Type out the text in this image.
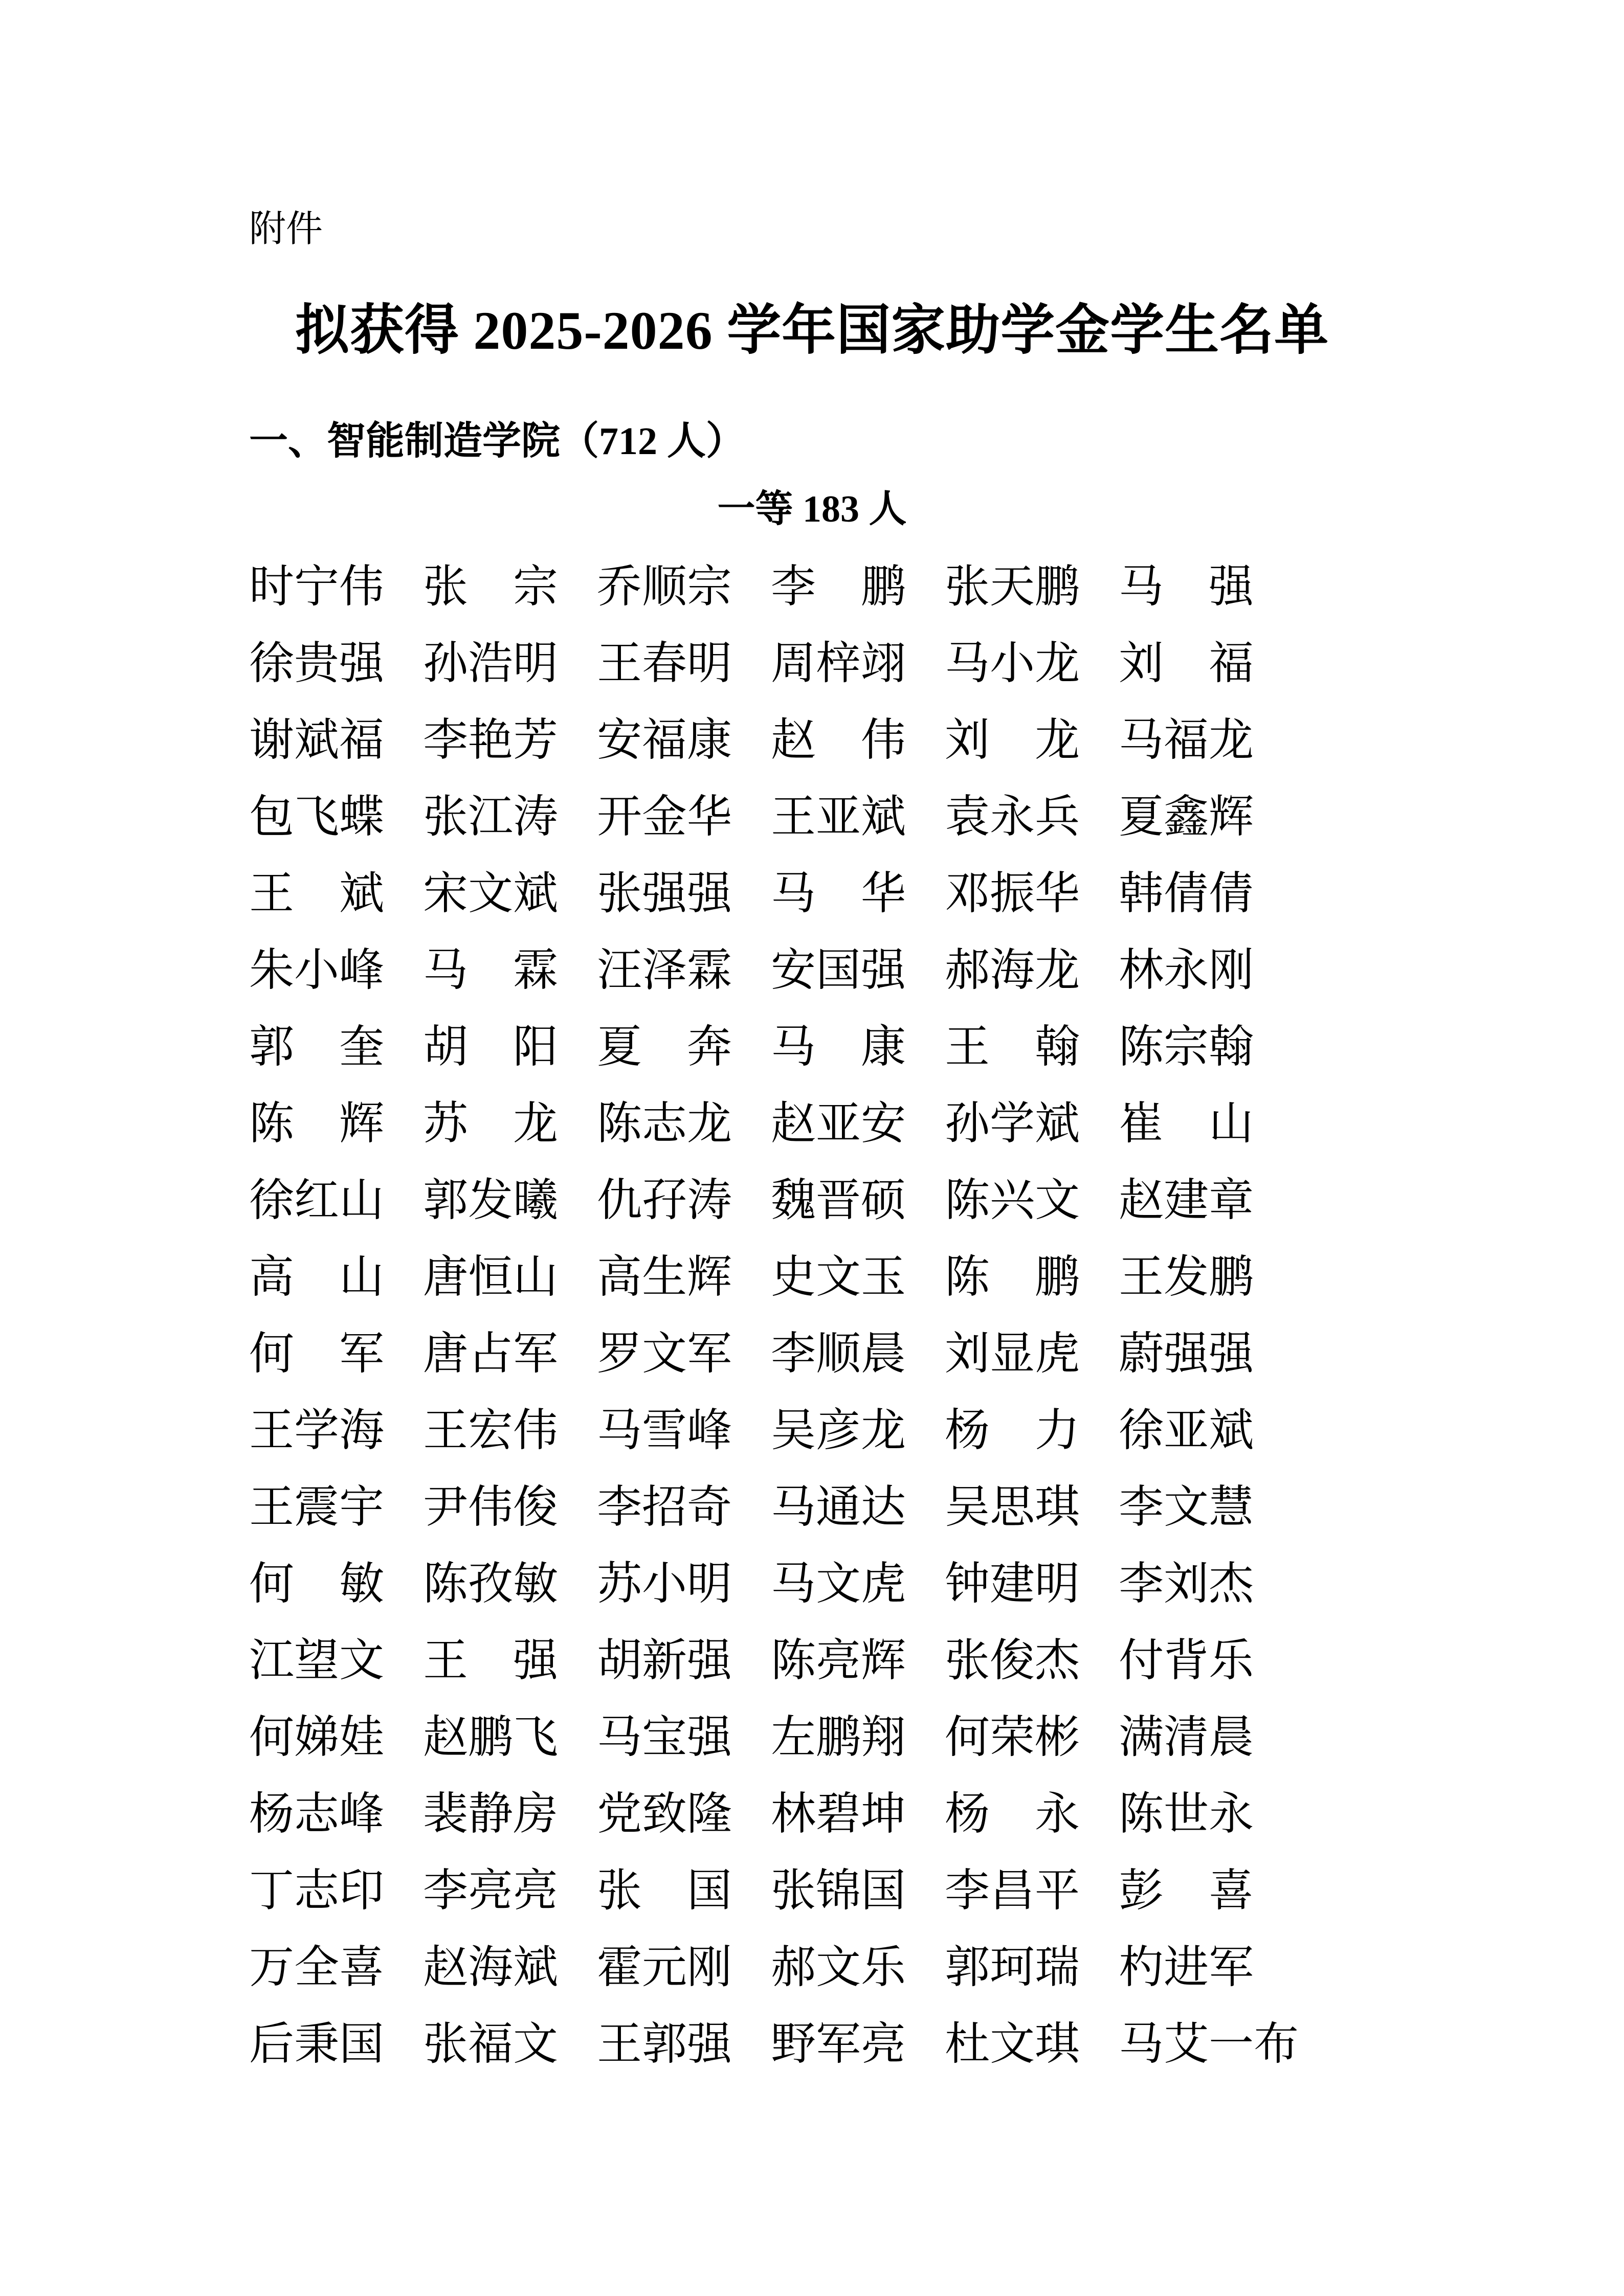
附件
拟获得 2025-2026 学年国家助学金学生名单
一、智能制造学院（712 人）
一等 183 人
时宁伟 张宗 乔顺宗 李鹏 张天鹏 马强
徐贵强 孙浩明 王春明 周梓翊 马小龙 刘福
谢斌福 李艳芳 安福康 赵伟 刘龙 马福龙
包飞蝶 张江涛 开金华 王亚斌 袁永兵 夏鑫辉
王斌 宋文斌 张强强 马华 邓振华 韩倩倩
朱小峰 马霖 汪泽霖 安国强 郝海龙 林永刚
郭奎 胡阳 夏奔 马康 王翰 陈宗翰
陈辉 苏龙 陈志龙 赵亚安 孙学斌 崔山
徐红山 郭发曦 仇孖涛 魏晋硕 陈兴文 赵建章
高山 唐恒山 高生辉 史文玉 陈鹏 王发鹏
何军 唐占军 罗文军 李顺晨 刘显虎 蔚强强
王学海 王宏伟 马雪峰 吴彦龙 杨力 徐亚斌
王震宇 尹伟俊 李招奇 马通达 吴思琪 李文慧
何敏 陈孜敏 苏小明 马文虎 钟建明 李刘杰
江望文 王强 胡新强 陈亮辉 张俊杰 付背乐
何娣娃 赵鹏飞 马宝强 左鹏翔 何荣彬 满清晨
杨志峰 裴静房 党致隆 林碧坤 杨永 陈世永
丁志印 李亮亮 张国 张锦国 李昌平 彭喜
万全喜 赵海斌 霍元刚 郝文乐 郭珂瑞 杓进军
后秉国 张福文 王郭强 野军亮 杜文琪 马艾一布
